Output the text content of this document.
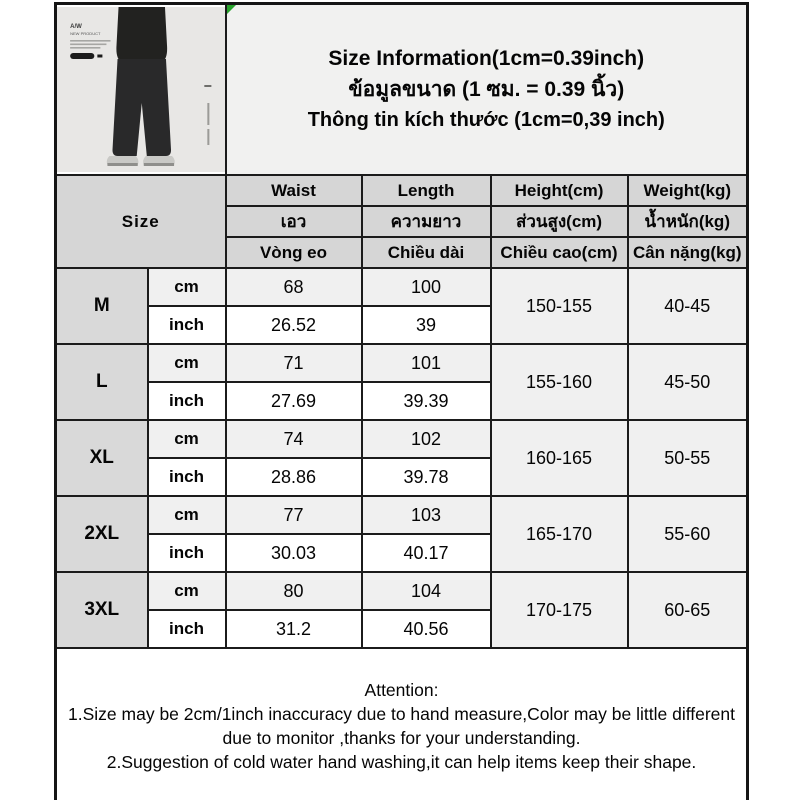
A/W
NEW PRODUCT

Size Information(1cm=0.39inch)
ข้อมูลขนาด (1 ซม. = 0.39 นิ้ว)
Thông tin kích thước (1cm=0,39 inch)

Size		Waist	Length	Height(cm)	Weight(kg)
		เอว	ความยาว	ส่วนสูง(cm)	น้ำหนัก(kg)
		Vòng eo	Chiều dài	Chiều cao(cm)	Cân nặng(kg)
M	cm	68	100	150-155	40-45
	inch	26.52	39		
L	cm	71	101	155-160	45-50
	inch	27.69	39.39		
XL	cm	74	102	160-165	50-55
	inch	28.86	39.78		
2XL	cm	77	103	165-170	55-60
	inch	30.03	40.17		
3XL	cm	80	104	170-175	60-65
	inch	31.2	40.56		

Attention:
1.Size may be 2cm/1inch inaccuracy due to hand measure,Color may be little different due to monitor ,thanks for your understanding.
2.Suggestion of cold water hand washing,it can help items keep their shape.					
